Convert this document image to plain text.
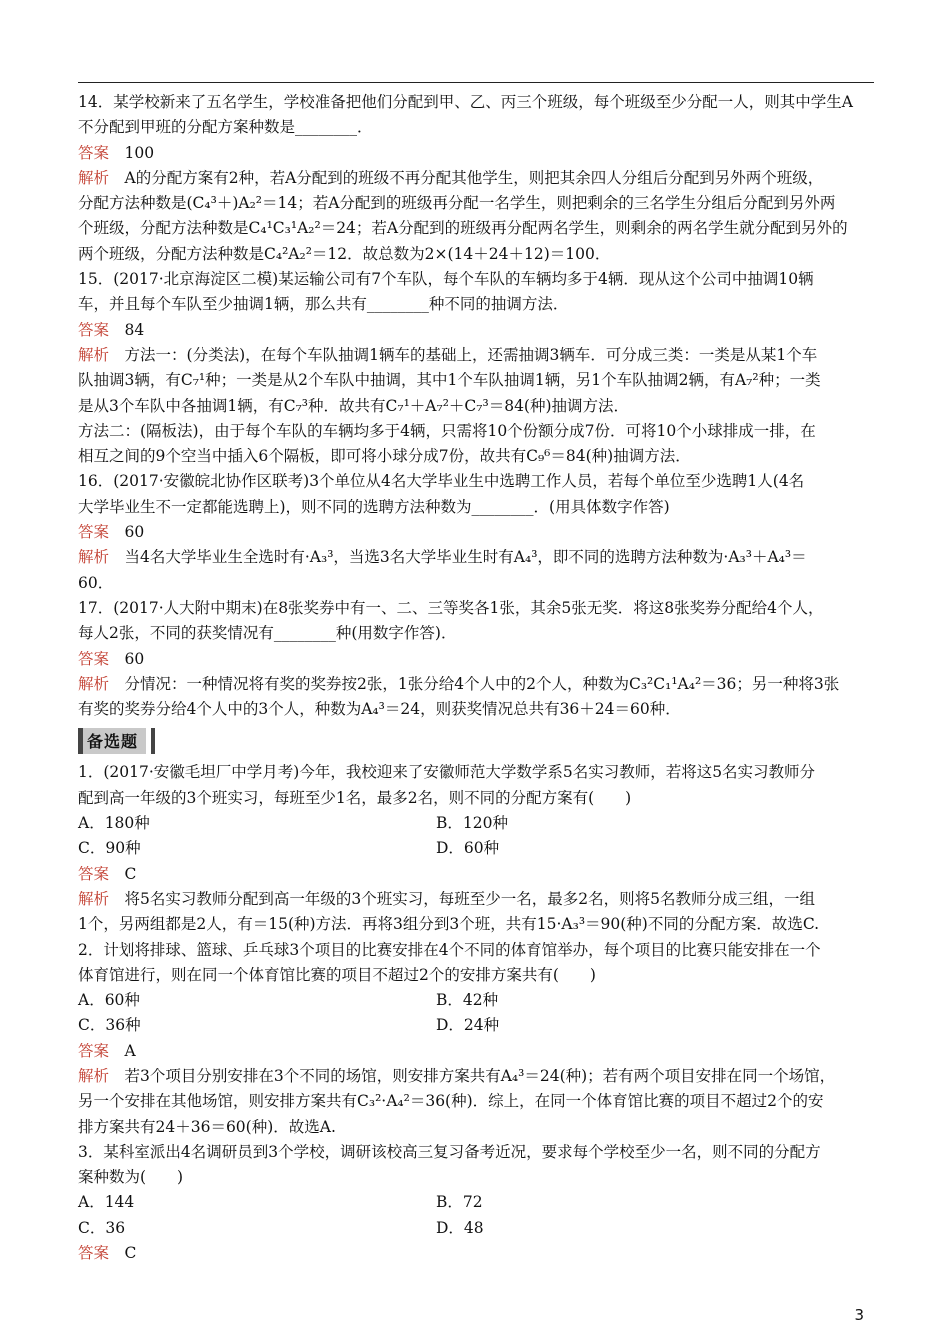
14．某学校新来了五名学生，学校准备把他们分配到甲、乙、丙三个班级，每个班级至少分配一人，则其中学生A

不分配到甲班的分配方案种数是________．

答案 100

解析 A的分配方案有2种，若A分配到的班级不再分配其他学生，则把其余四人分组后分配到另外两个班级，

分配方法种数是(C₄³＋)A₂²＝14；若A分配到的班级再分配一名学生，则把剩余的三名学生分组后分配到另外两

个班级，分配方法种数是C₄¹C₃¹A₂²＝24；若A分配到的班级再分配两名学生，则剩余的两名学生就分配到另外的

两个班级，分配方法种数是C₄²A₂²＝12．故总数为2×(14＋24＋12)＝100．

15．(2017·北京海淀区二模)某运输公司有7个车队，每个车队的车辆均多于4辆．现从这个公司中抽调10辆

车，并且每个车队至少抽调1辆，那么共有________种不同的抽调方法．

答案 84

解析 方法一：(分类法)，在每个车队抽调1辆车的基础上，还需抽调3辆车．可分成三类：一类是从某1个车

队抽调3辆，有C₇¹种；一类是从2个车队中抽调，其中1个车队抽调1辆，另1个车队抽调2辆，有A₇²种；一类

是从3个车队中各抽调1辆，有C₇³种．故共有C₇¹＋A₇²＋C₇³＝84(种)抽调方法．

方法二：(隔板法)，由于每个车队的车辆均多于4辆，只需将10个份额分成7份．可将10个小球排成一排，在

相互之间的9个空当中插入6个隔板，即可将小球分成7份，故共有C₉⁶＝84(种)抽调方法．

16．(2017·安徽皖北协作区联考)3个单位从4名大学毕业生中选聘工作人员，若每个单位至少选聘1人(4名

大学毕业生不一定都能选聘上)，则不同的选聘方法种数为________．(用具体数字作答)

答案 60

解析 当4名大学毕业生全选时有·A₃³，当选3名大学毕业生时有A₄³，即不同的选聘方法种数为·A₃³＋A₄³＝

60．

17．(2017·人大附中期末)在8张奖券中有一、二、三等奖各1张，其余5张无奖．将这8张奖券分配给4个人，

每人2张，不同的获奖情况有________种(用数字作答)．

答案 60

解析 分情况：一种情况将有奖的奖券按2张，1张分给4个人中的2个人，种数为C₃²C₁¹A₄²＝36；另一种将3张

有奖的奖券分给4个人中的3个人，种数为A₄³＝24，则获奖情况总共有36＋24＝60种．

备选题

1．(2017·安徽毛坦厂中学月考)今年，我校迎来了安徽师范大学数学系5名实习教师，若将这5名实习教师分

配到高一年级的3个班实习，每班至少1名，最多2名，则不同的分配方案有(　　)

A．180种	B．120种
C．90种	D．60种

答案 C

解析 将5名实习教师分配到高一年级的3个班实习，每班至少一名，最多2名，则将5名教师分成三组，一组

1个，另两组都是2人，有＝15(种)方法．再将3组分到3个班，共有15·A₃³＝90(种)不同的分配方案．故选C.

2．计划将排球、篮球、乒乓球3个项目的比赛安排在4个不同的体育馆举办，每个项目的比赛只能安排在一个

体育馆进行，则在同一个体育馆比赛的项目不超过2个的安排方案共有(　　)

A．60种	B．42种
C．36种	D．24种

答案 A

解析 若3个项目分别安排在3个不同的场馆，则安排方案共有A₄³＝24(种)；若有两个项目安排在同一个场馆，

另一个安排在其他场馆，则安排方案共有C₃²·A₄²＝36(种)．综上，在同一个体育馆比赛的项目不超过2个的安

排方案共有24＋36＝60(种)．故选A.

3．某科室派出4名调研员到3个学校，调研该校高三复习备考近况，要求每个学校至少一名，则不同的分配方

案种数为(　　)

A．144	B．72
C．36	D．48

答案 C

3
